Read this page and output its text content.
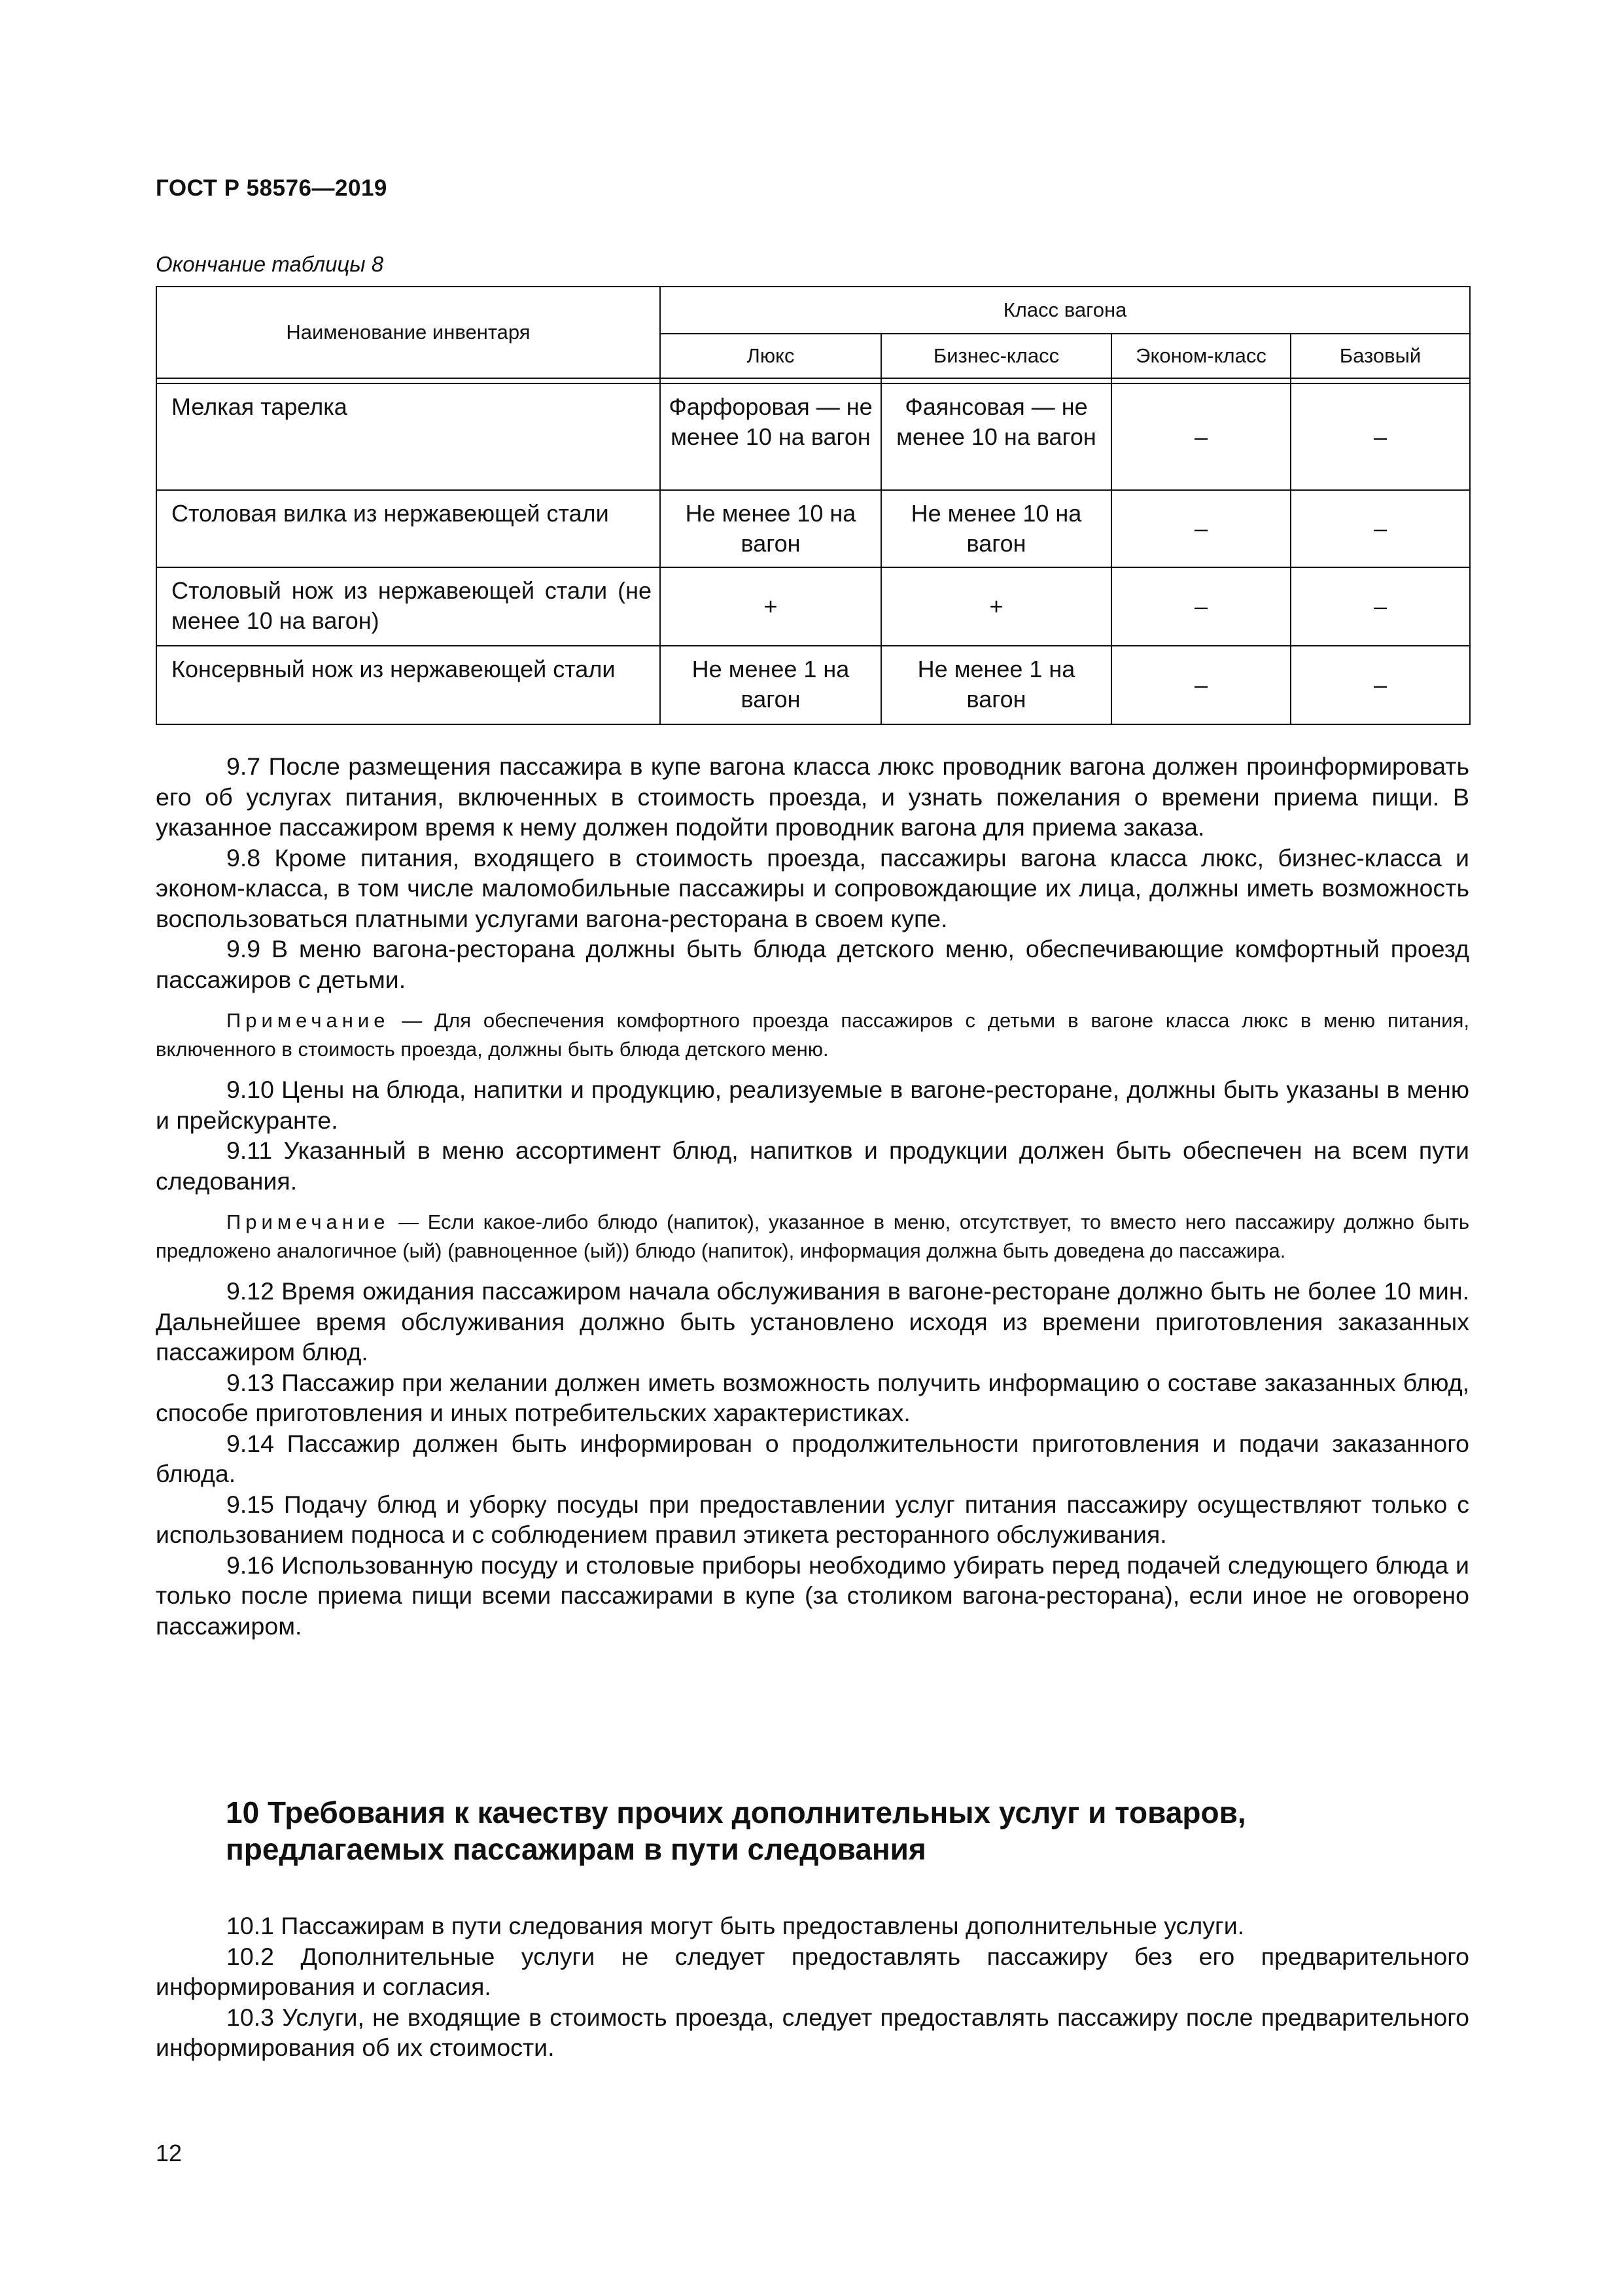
ГОСТ Р 58576—2019
Окончание таблицы 8
Наименование инвентаря	Класс вагона			
	Люкс	Бизнес-класс	Эконом-класс	Базовый

Мелкая тарелка	Фарфоровая — не менее 10 на вагон	Фаянсовая — не менее 10 на вагон	–	–
Столовая вилка из нержавеющей стали	Не менее 10 на вагон	Не менее 10 на вагон	–	–
Столовый нож из нержавеющей стали (не менее 10 на вагон)	+	+	–	–
Консервный нож из нержавеющей стали	Не менее 1 на вагон	Не менее 1 на вагон	–	–

9.7 После размещения пассажира в купе вагона класса люкс проводник вагона должен проинформировать его об услугах питания, включенных в стоимость проезда, и узнать пожелания о времени приема пищи. В указанное пассажиром время к нему должен подойти проводник вагона для приема заказа.

9.8 Кроме питания, входящего в стоимость проезда, пассажиры вагона класса люкс, бизнес-класса и эконом-класса, в том числе маломобильные пассажиры и сопровождающие их лица, должны иметь возможность воспользоваться платными услугами вагона-ресторана в своем купе.

9.9 В меню вагона-ресторана должны быть блюда детского меню, обеспечивающие комфортный проезд пассажиров с детьми.

Примечание — Для обеспечения комфортного проезда пассажиров с детьми в вагоне класса люкс в меню питания, включенного в стоимость проезда, должны быть блюда детского меню.

9.10 Цены на блюда, напитки и продукцию, реализуемые в вагоне-ресторане, должны быть указаны в меню и прейскуранте.

9.11 Указанный в меню ассортимент блюд, напитков и продукции должен быть обеспечен на всем пути следования.

Примечание — Если какое-либо блюдо (напиток), указанное в меню, отсутствует, то вместо него пассажиру должно быть предложено аналогичное (ый) (равноценное (ый)) блюдо (напиток), информация должна быть доведена до пассажира.

9.12 Время ожидания пассажиром начала обслуживания в вагоне-ресторане должно быть не более 10 мин. Дальнейшее время обслуживания должно быть установлено исходя из времени приготовления заказанных пассажиром блюд.

9.13 Пассажир при желании должен иметь возможность получить информацию о составе заказанных блюд, способе приготовления и иных потребительских характеристиках.

9.14 Пассажир должен быть информирован о продолжительности приготовления и подачи заказанного блюда.

9.15 Подачу блюд и уборку посуды при предоставлении услуг питания пассажиру осуществляют только с использованием подноса и с соблюдением правил этикета ресторанного обслуживания.

9.16 Использованную посуду и столовые приборы необходимо убирать перед подачей следующего блюда и только после приема пищи всеми пассажирами в купе (за столиком вагона-ресторана), если иное не оговорено пассажиром.

10 Требования к качеству прочих дополнительных услуг и товаров, предлагаемых пассажирам в пути следования

10.1 Пассажирам в пути следования могут быть предоставлены дополнительные услуги.

10.2 Дополнительные услуги не следует предоставлять пассажиру без его предварительного информирования и согласия.

10.3 Услуги, не входящие в стоимость проезда, следует предоставлять пассажиру после предварительного информирования об их стоимости.

12
